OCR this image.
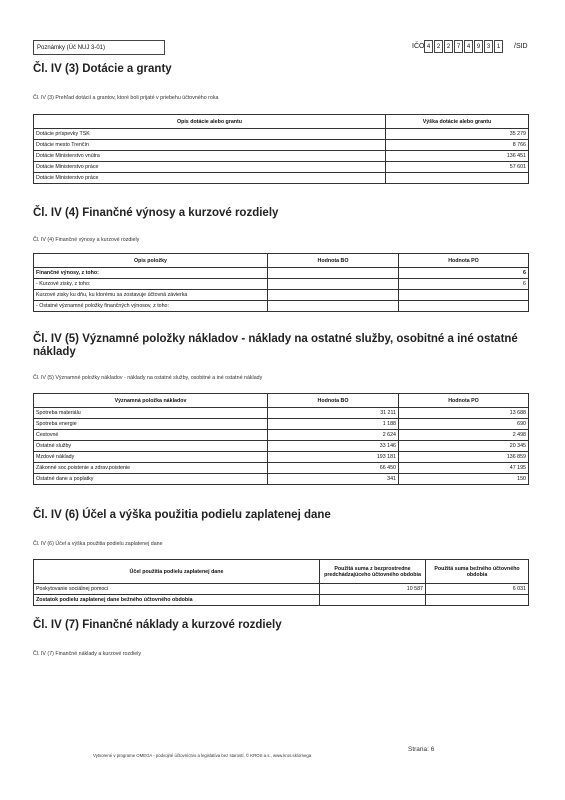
Poznámky (Úč NUJ 3-01)	IČO 4	2	2	7	4	9	3	1	/SID
Čl. IV (3) Dotácie a granty
Čl. IV (3) Prehľad dotácií a grantov, ktoré boli prijaté v priebehu účtovného roka
Opis dotácie alebo grantu	Výška dotácie alebo grantu
Dotácie príspevky TSK	35 279
Dotácie mesto Trenčín	8 766
Dotácie Ministerstvo vnútra	136 451
Dotácie Ministerstvo práce	57 601
Dotácie Ministerstvo práce	
Čl. IV (4) Finančné výnosy a kurzové rozdiely
Čl. IV (4) Finančné výnosy a kurzové rozdiely
Opis položky	Hodnota BO	Hodnota PO
Finančné výnosy, z toho:		6
- Kurzové zisky, z toho:		6
Kurzové zisky ku dňu, ku ktorému sa zostavuje účtovná závierka		
- Ostatné významné položky finančných výnosov, z toho:		
Čl. IV (5) Významné položky nákladov - náklady na ostatné služby, osobitné a iné ostatné
náklady
Čl. IV (5) Významné položky nákladov - náklady na ostatné služby, osobitné a iné ostatné náklady
Významná položka nákladov	Hodnota BO	Hodnota PO
Spotreba materiálu	31 211	13 688
Spotreba energie	1 188	690
Cestovné	2 624	2 498
Ostatné služby	33 146	20 345
Mzdové náklady	193 181	136 859
Zákonné soc.poistenie a zdrav.poistenie	66 450	47 195
Ostatné dane a poplatky	341	150
Čl. IV (6) Účel a výška použitia podielu zaplatenej dane
Čl. IV (6) Účel a výška použitia podielu zaplatenej dane
Účel použitia podielu zaplatenej dane	Použitá suma z bezprostredne predchádzajúceho účtovného obdobia	Použitá suma bežného účtovného obdobia
Poskytovanie sociálnej pomoci	10 587	6 031
Zostatok podielu zaplatenej dane bežného účtovného obdobia		
Čl. IV (7) Finančné náklady a kurzové rozdiely
Čl. IV (7) Finančné náklady a kurzové rozdiely
Vytvorené v programe OMEGA - podvojné účtovníctvo a legislatíva bez starostí, © KROS a.s., www.kros.sk/omega
Strana: 6
